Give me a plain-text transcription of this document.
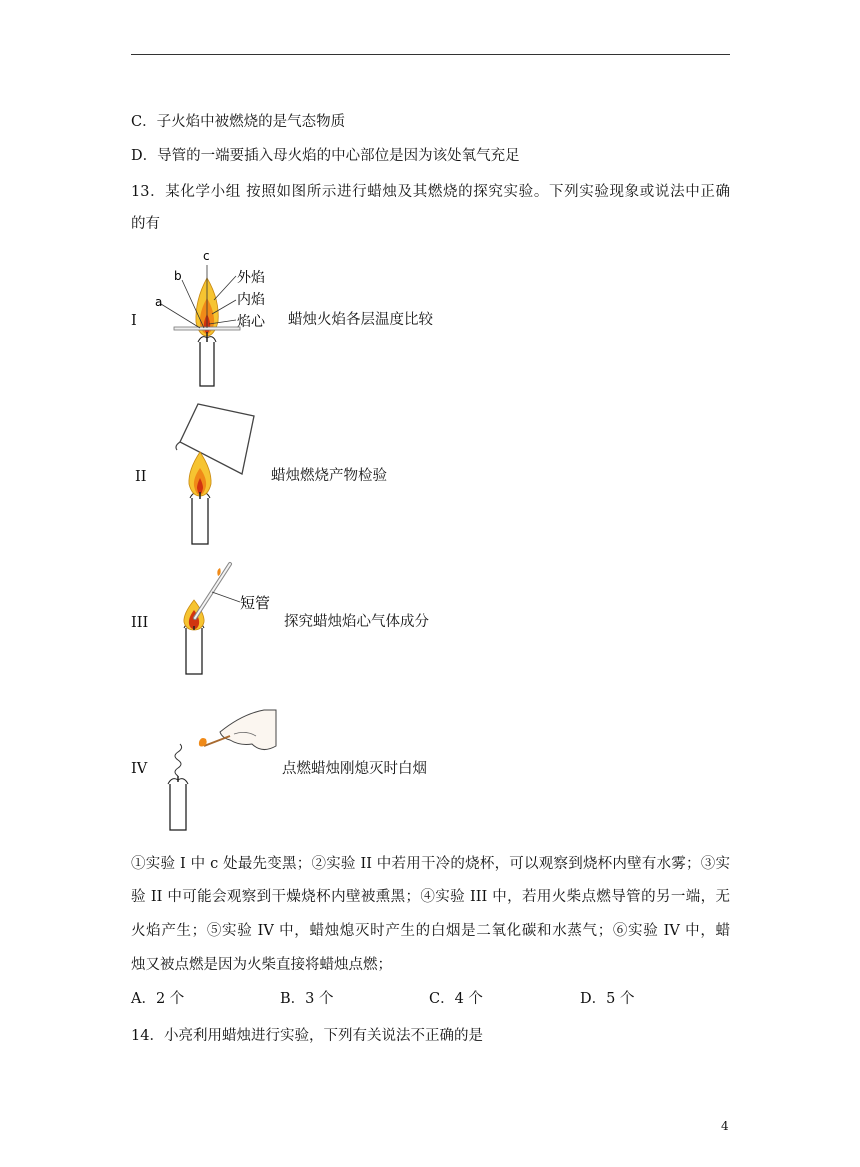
C．子火焰中被燃烧的是气态物质
D．导管的一端要插入母火焰的中心部位是因为该处氧气充足
13．某化学小组 按照如图所示进行蜡烛及其燃烧的探究实验。下列实验现象或说法中正确
的有
I
a
b
c
外焰
内焰
焰心 蜡烛火焰各层温度比较
II	蜡烛燃烧产物检验
III
短管
探究蜡烛焰心气体成分
IV	点燃蜡烛刚熄灭时白烟
①实验 I 中 c 处最先变黑；②实验 II 中若用干冷的烧杯，可以观察到烧杯内壁有水雾；③实
验 II 中可能会观察到干燥烧杯内壁被熏黑；④实验 III 中，若用火柴点燃导管的另一端，无
火焰产生；⑤实验 IV 中，蜡烛熄灭时产生的白烟是二氧化碳和水蒸气；⑥实验 IV 中，蜡
烛又被点燃是因为火柴直接将蜡烛点燃；
A．2 个	B．3 个	C．4 个	D．5 个
14．小亮利用蜡烛进行实验，下列有关说法不正确的是
4
